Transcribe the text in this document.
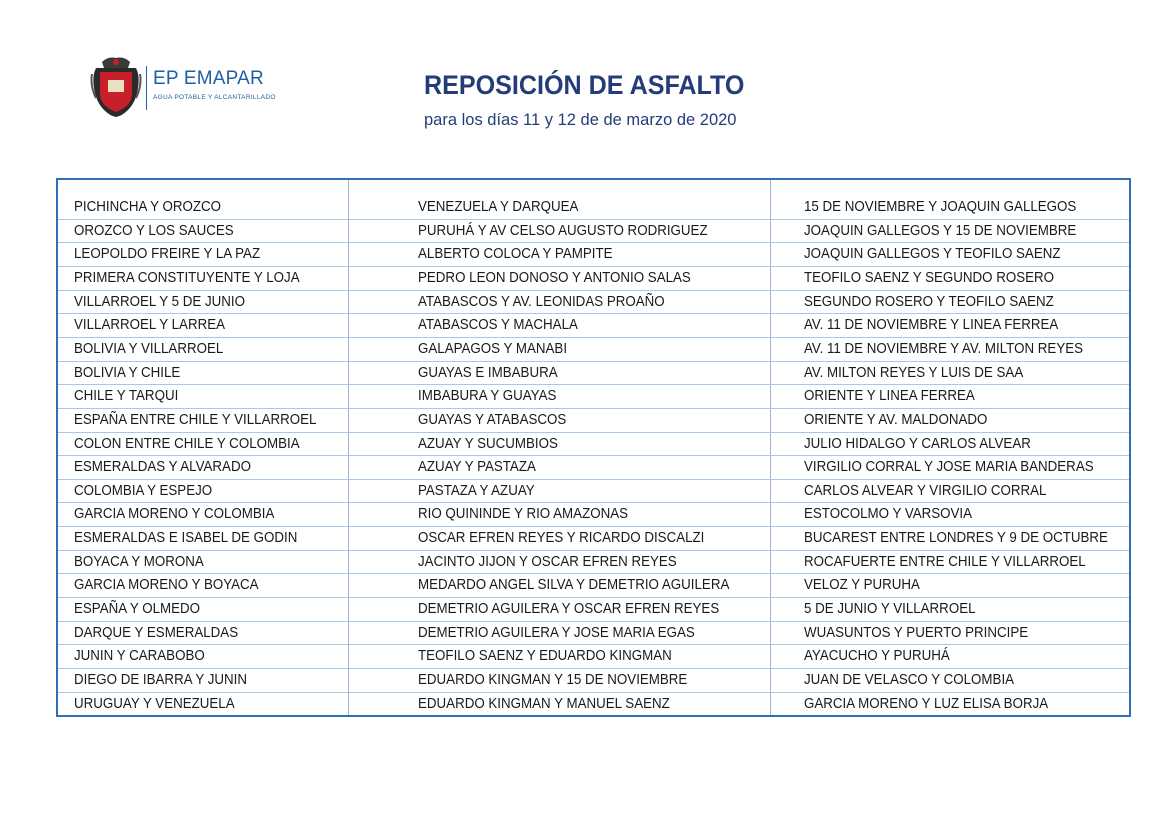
EP EMAPAR
AGUA POTABLE Y ALCANTARILLADO	REPOSICIÓN DE ASFALTO
para los días 11 y 12 de de marzo de 2020
PICHINCHA Y OROZCO	VENEZUELA Y DARQUEA	15 DE NOVIEMBRE Y JOAQUIN GALLEGOS
OROZCO Y LOS SAUCES	PURUHÁ Y AV CELSO AUGUSTO RODRIGUEZ	JOAQUIN GALLEGOS Y 15 DE NOVIEMBRE
LEOPOLDO FREIRE Y LA PAZ	ALBERTO COLOCA Y PAMPITE	JOAQUIN GALLEGOS Y TEOFILO SAENZ
PRIMERA CONSTITUYENTE Y LOJA	PEDRO LEON DONOSO Y ANTONIO SALAS	TEOFILO SAENZ Y SEGUNDO ROSERO
VILLARROEL Y 5 DE JUNIO	ATABASCOS Y AV. LEONIDAS PROAÑO	SEGUNDO ROSERO Y TEOFILO SAENZ
VILLARROEL Y LARREA	ATABASCOS Y MACHALA	AV. 11 DE NOVIEMBRE Y LINEA FERREA
BOLIVIA Y VILLARROEL	GALAPAGOS Y MANABI	AV. 11 DE NOVIEMBRE Y AV. MILTON REYES
BOLIVIA Y CHILE	GUAYAS E IMBABURA	AV. MILTON REYES Y LUIS DE SAA
CHILE Y TARQUI	IMBABURA Y GUAYAS	ORIENTE Y LINEA FERREA
ESPAÑA ENTRE CHILE Y VILLARROEL	GUAYAS Y ATABASCOS	ORIENTE Y AV. MALDONADO
COLON ENTRE CHILE Y COLOMBIA	AZUAY Y SUCUMBIOS	JULIO HIDALGO Y CARLOS ALVEAR
ESMERALDAS Y ALVARADO	AZUAY Y PASTAZA	VIRGILIO CORRAL Y JOSE MARIA BANDERAS
COLOMBIA Y ESPEJO	PASTAZA Y AZUAY	CARLOS ALVEAR Y VIRGILIO CORRAL
GARCIA MORENO Y COLOMBIA	RIO QUININDE Y RIO AMAZONAS	ESTOCOLMO Y VARSOVIA
ESMERALDAS E ISABEL DE GODIN	OSCAR EFREN REYES Y RICARDO DISCALZI	BUCAREST ENTRE LONDRES Y 9 DE OCTUBRE
BOYACA Y MORONA	JACINTO JIJON Y OSCAR EFREN REYES	ROCAFUERTE ENTRE CHILE Y VILLARROEL
GARCIA MORENO Y BOYACA	MEDARDO ANGEL SILVA Y DEMETRIO AGUILERA	VELOZ Y PURUHA
ESPAÑA Y OLMEDO	DEMETRIO AGUILERA Y OSCAR EFREN REYES	5 DE JUNIO Y VILLARROEL
DARQUE Y ESMERALDAS	DEMETRIO AGUILERA Y JOSE MARIA EGAS	WUASUNTOS Y PUERTO PRINCIPE
JUNIN Y CARABOBO	TEOFILO SAENZ Y EDUARDO KINGMAN	AYACUCHO Y PURUHÁ
DIEGO DE IBARRA Y JUNIN	EDUARDO KINGMAN Y 15 DE NOVIEMBRE	JUAN DE VELASCO Y COLOMBIA
URUGUAY Y VENEZUELA	EDUARDO KINGMAN Y MANUEL SAENZ	GARCIA MORENO Y LUZ ELISA BORJA
